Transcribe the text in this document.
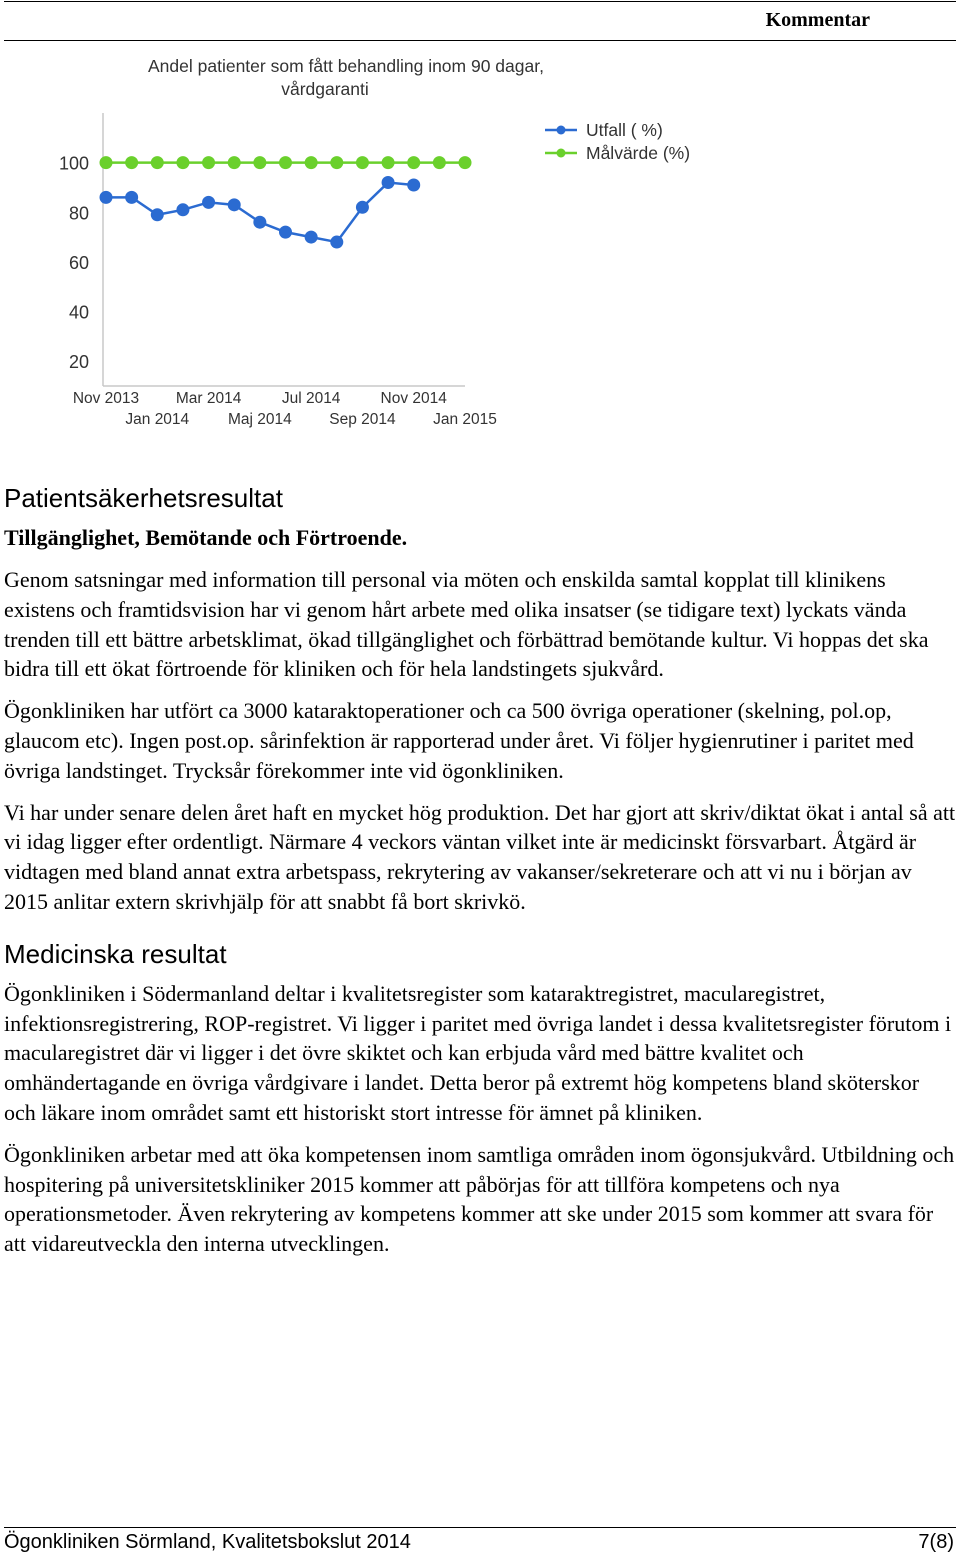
Kommentar
Andel patienter som fått behandling inom 90 dagar,
vårdgaranti
20
40
60
80
100
Nov 2013 Mar 2014	Jul 2014	Nov 2014
Jan 2014	Maj 2014 Sep 2014 Jan 2015
Utfall ( %)
Målvärde (%)
Patientsäkerhetsresultat
Tillgänglighet, Bemötande och Förtroende.

Genom satsningar med information till personal via möten och enskilda samtal kopplat till klinikens existens och framtidsvision har vi genom hårt arbete med olika insatser (se tidigare text) lyckats vända trenden till ett bättre arbetsklimat, ökad tillgänglighet och förbättrad bemötande kultur. Vi hoppas det ska bidra till ett ökat förtroende för kliniken och för hela landstingets sjukvård.

Ögonkliniken har utfört ca 3000 kataraktoperationer och ca 500 övriga operationer (skelning, pol.op, glaucom etc). Ingen post.op. sårinfektion är rapporterad under året. Vi följer hygienrutiner i paritet med övriga landstinget. Trycksår förekommer inte vid ögonkliniken.

Vi har under senare delen året haft en mycket hög produktion. Det har gjort att skriv/diktat ökat i antal så att vi idag ligger efter ordentligt. Närmare 4 veckors väntan vilket inte är medicinskt försvarbart. Åtgärd är vidtagen med bland annat extra arbetspass, rekrytering av vakanser/sekreterare och att vi nu i början av 2015 anlitar extern skrivhjälp för att snabbt få bort skrivkö.

Medicinska resultat

Ögonkliniken i Södermanland deltar i kvalitetsregister som kataraktregistret, macularegistret, infektionsregistrering, ROP-registret. Vi ligger i paritet med övriga landet i dessa kvalitetsregister förutom i macularegistret där vi ligger i det övre skiktet och kan erbjuda vård med bättre kvalitet och omhändertagande en övriga vårdgivare i landet. Detta beror på extremt hög kompetens bland sköterskor och läkare inom området samt ett historiskt stort intresse för ämnet på kliniken.

Ögonkliniken arbetar med att öka kompetensen inom samtliga områden inom ögonsjukvård. Utbildning och hospitering på universitetskliniker 2015 kommer att påbörjas för att tillföra kompetens och nya operationsmetoder. Även rekrytering av kompetens kommer att ske under 2015 som kommer att svara för att vidareutveckla den interna utvecklingen.

Ögonkliniken Sörmland, Kvalitetsbokslut 2014	7(8)
